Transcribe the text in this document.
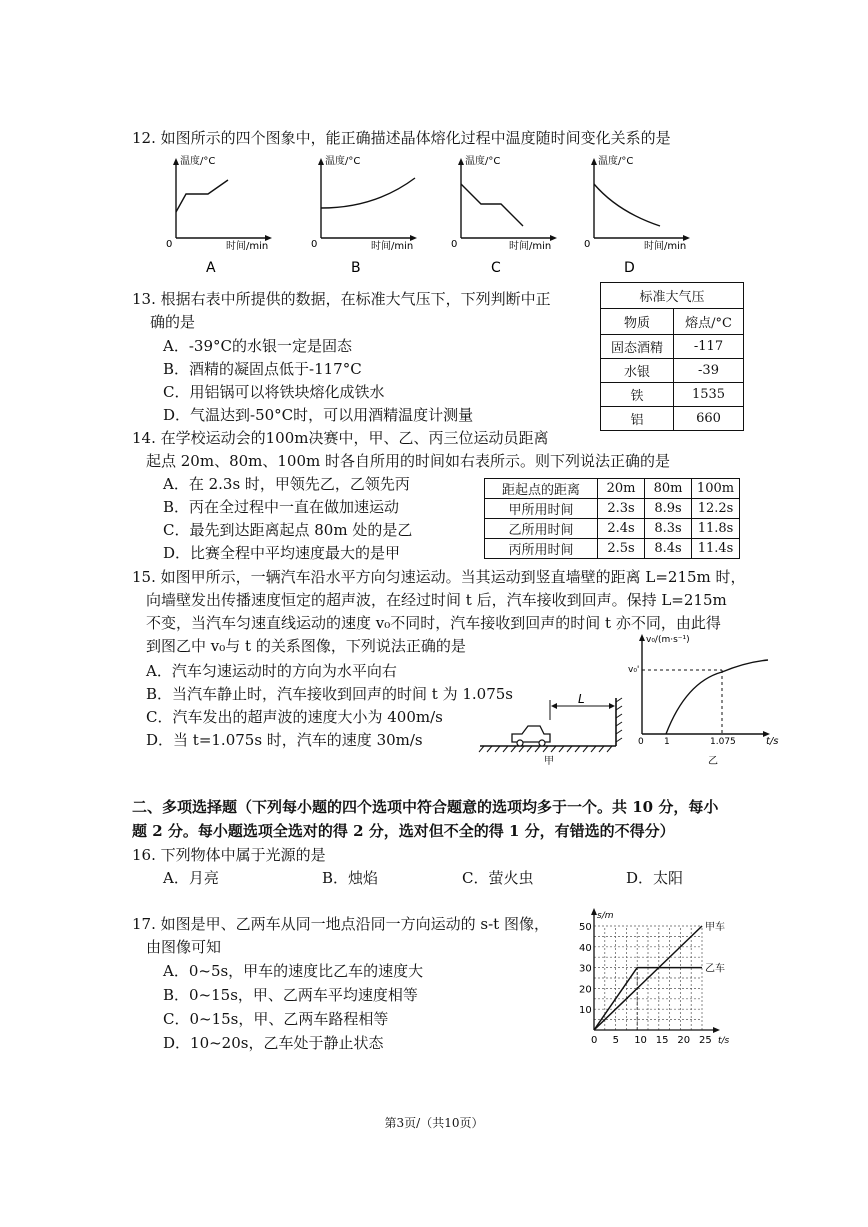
12. 如图所示的四个图象中，能正确描述晶体熔化过程中温度随时间变化关系的是
温度/°C
0	时间/min
A
温度/°C
0	时间/min
B
温度/°C
0	时间/min
C
温度/°C
0	时间/min
D
13. 根据右表中所提供的数据，在标准大气压下，下列判断中正
确的是
A．-39°C的水银一定是固态
B．酒精的凝固点低于-117°C
C．用铝锅可以将铁块熔化成铁水
D．气温达到-50°C时，可以用酒精温度计测量
标准大气压	
物质	熔点/°C
固态酒精	-117
水银	-39
铁	1535
铝	660
14. 在学校运动会的100m决赛中，甲、乙、丙三位运动员距离
起点 20m、80m、100m 时各自所用的时间如右表所示。则下列说法正确的是
A．在 2.3s 时，甲领先乙，乙领先丙
B．丙在全过程中一直在做加速运动
C．最先到达距离起点 80m 处的是乙
D．比赛全程中平均速度最大的是甲
距起点的距离	20m	80m	100m
甲所用时间	2.3s	8.9s	12.2s
乙所用时间	2.4s	8.3s	11.8s
丙所用时间	2.5s	8.4s	11.4s
15. 如图甲所示，一辆汽车沿水平方向匀速运动。当其运动到竖直墙壁的距离 L=215m 时，
向墙壁发出传播速度恒定的超声波，在经过时间 t 后，汽车接收到回声。保持 L=215m
不变，当汽车匀速直线运动的速度 v₀不同时，汽车接收到回声的时间 t 亦不同，由此得
到图乙中 v₀与 t 的关系图像，下列说法正确的是
A．汽车匀速运动时的方向为水平向右
B．当汽车静止时，汽车接收到回声的时间 t 为 1.075s
C．汽车发出的超声波的速度大小为 400m/s
D．当 t=1.075s 时，汽车的速度 30m/s
L
甲
v₀/(m·s⁻¹)
v₀'
0 1	1.075	t/s
乙
二、多项选择题（下列每小题的四个选项中符合题意的选项均多于一个。共 10 分，每小
题 2 分。每小题选项全选对的得 2 分，选对但不全的得 1 分，有错选的不得分）
16. 下列物体中属于光源的是
A．月亮	B．烛焰	C．萤火虫	D．太阳
17. 如图是甲、乙两车从同一地点沿同一方向运动的 s-t 图像，
由图像可知
A．0~5s，甲车的速度比乙车的速度大
B．0~15s，甲、乙两车平均速度相等
C．0~15s，甲、乙两车路程相等
D．10~20s，乙车处于静止状态	0 5 10 15 20 25
10
20
30
40
50
s/m
t/s
甲车
乙车
第3页/（共10页）
